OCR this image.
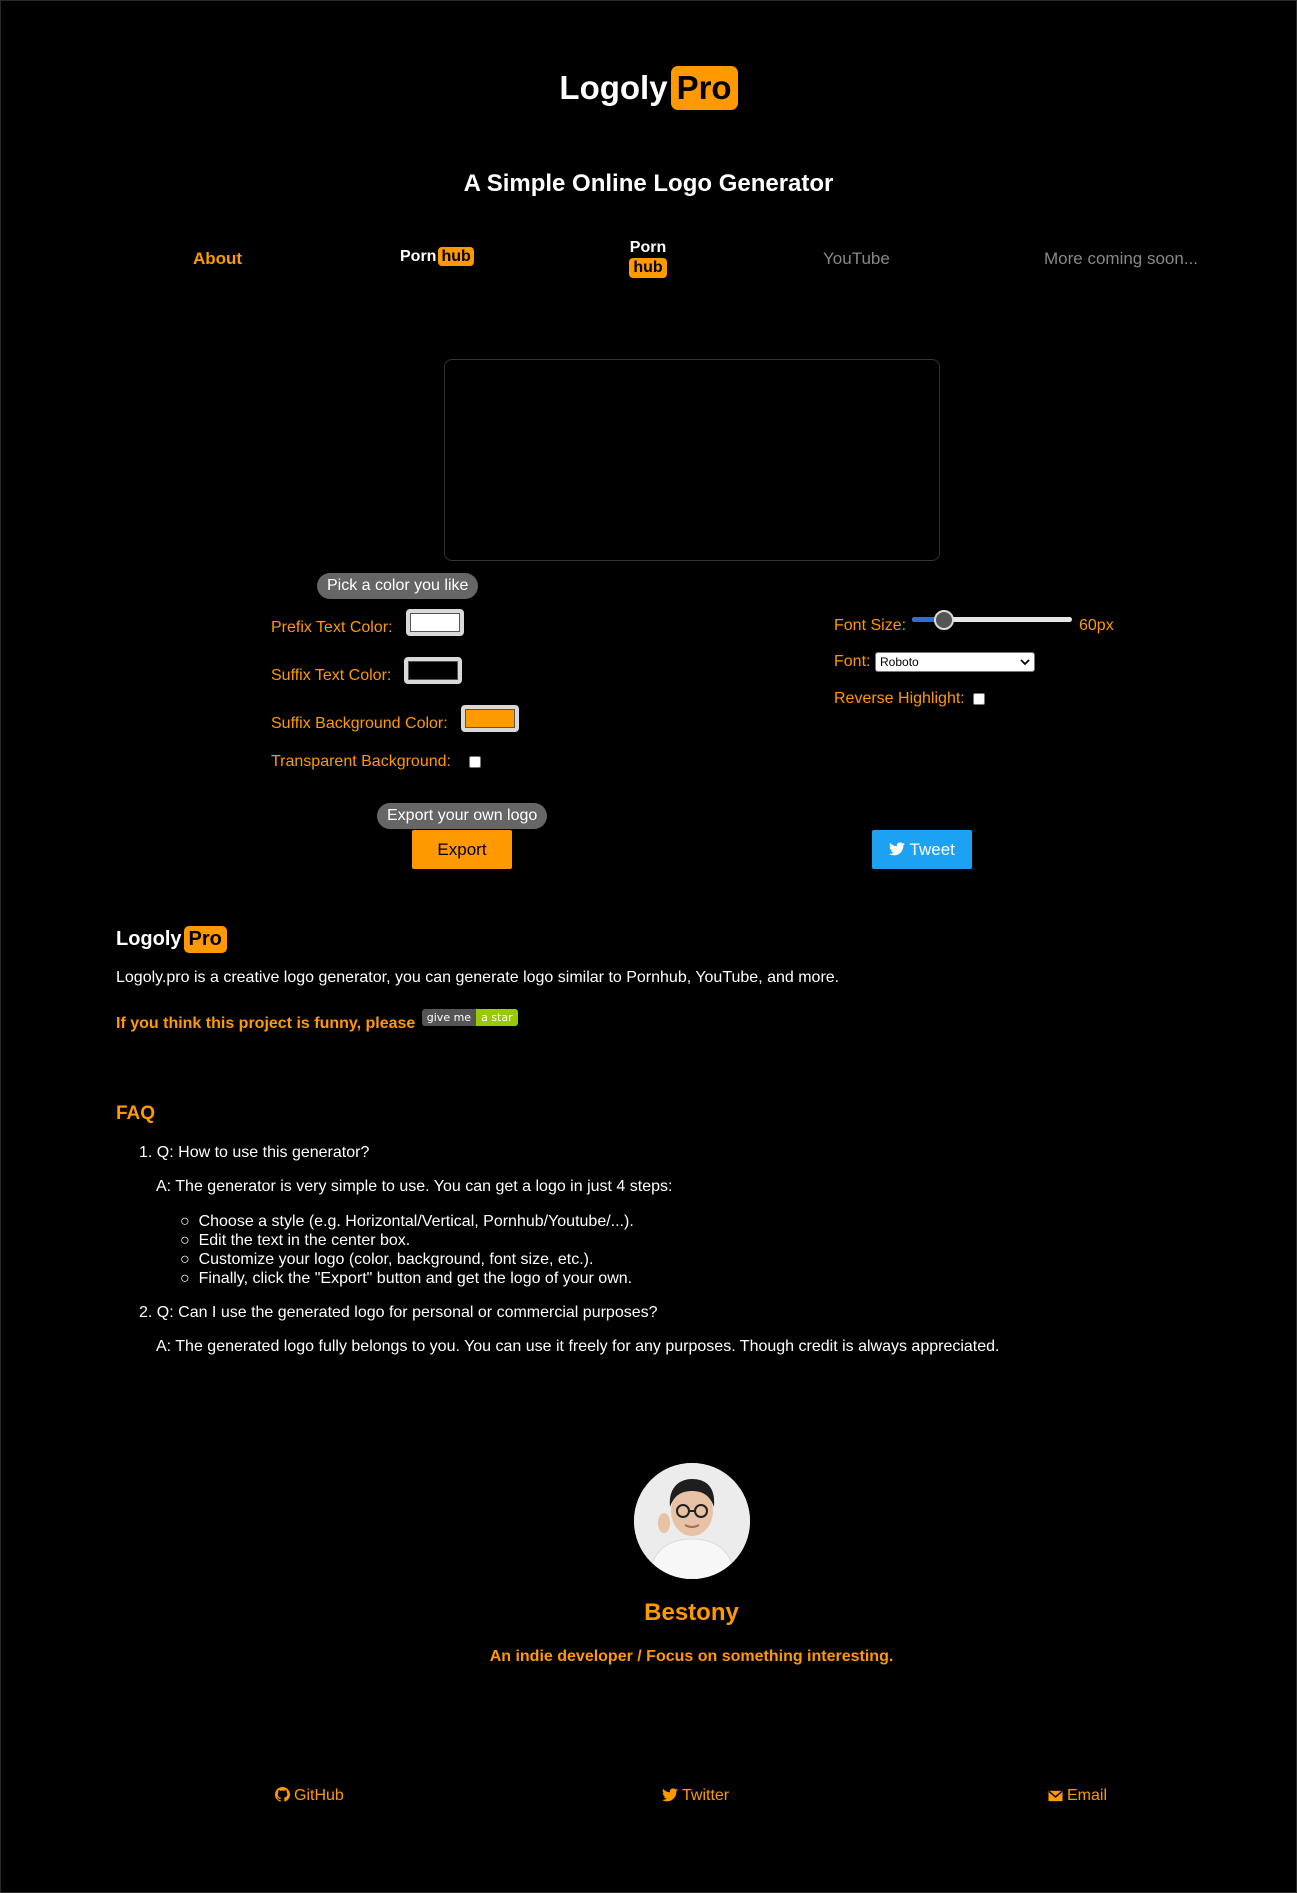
Logoly Pro
A Simple Online Logo Generator
About	Porn hub
Porn
hub	YouTube	More coming soon...
Pick a color you like
Prefix Text Color:
Suffix Text Color:
Suffix Background Color:
Transparent Background:
Font Size:	60px
Font: Roboto
Reverse Highlight:
Export your own logo
Export	Tweet
Logoly Pro
Logoly.pro is a creative logo generator, you can generate logo similar to Pornhub, YouTube, and more.
If you think this project is funny, please give me a star
FAQ
1. Q: How to use this generator?
A: The generator is very simple to use. You can get a logo in just 4 steps:
○  Choose a style (e.g. Horizontal/Vertical, Pornhub/Youtube/...).
○  Edit the text in the center box.
○  Customize your logo (color, background, font size, etc.).
○  Finally, click the "Export" button and get the logo of your own.
2. Q: Can I use the generated logo for personal or commercial purposes?
A: The generated logo fully belongs to you. You can use it freely for any purposes. Though credit is always appreciated.
Bestony
An indie developer / Focus on something interesting.
GitHub	Twitter	Email
